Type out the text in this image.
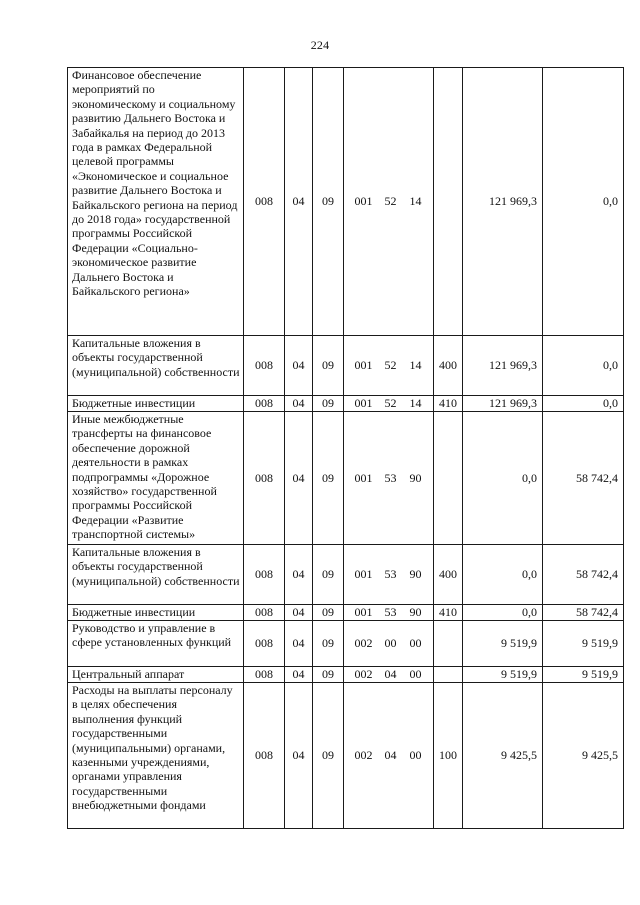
224
Финансовое обеспечение мероприятий по экономическому и социальному развитию Дальнего Востока и Забайкалья на период до 2013 года в рамках Федеральной целевой программы «Экономическое и социальное развитие Дальнего Востока и Байкальского региона на период до 2018 года» государственной программы Российской Федерации «Социально- экономическое развитие Дальнего Востока и Байкальского региона»	008	04	09	001 52 14		121 969,3	0,0
Капитальные вложения в объекты государственной (муниципальной) собственности	008	04	09	001 52 14	400	121 969,3	0,0
Бюджетные инвестиции	008	04	09	001 52 14	410	121 969,3	0,0
Иные межбюджетные трансферты на финансовое обеспечение дорожной деятельности в рамках подпрограммы «Дорожное хозяйство» государственной программы Российской Федерации «Развитие транспортной системы»	008	04	09	001 53 90		0,0	58 742,4
Капитальные вложения в объекты государственной (муниципальной) собственности	008	04	09	001 53 90	400	0,0	58 742,4
Бюджетные инвестиции	008	04	09	001 53 90	410	0,0	58 742,4
Руководство и управление в сфере установленных функций	008	04	09	002 00 00		9 519,9	9 519,9
Центральный аппарат	008	04	09	002 04 00		9 519,9	9 519,9
Расходы на выплаты персоналу в целях обеспечения выполнения функций государственными (муниципальными) органами, казенными учреждениями, органами управления государственными внебюджетными фондами	008	04	09	002 04 00	100	9 425,5	9 425,5
